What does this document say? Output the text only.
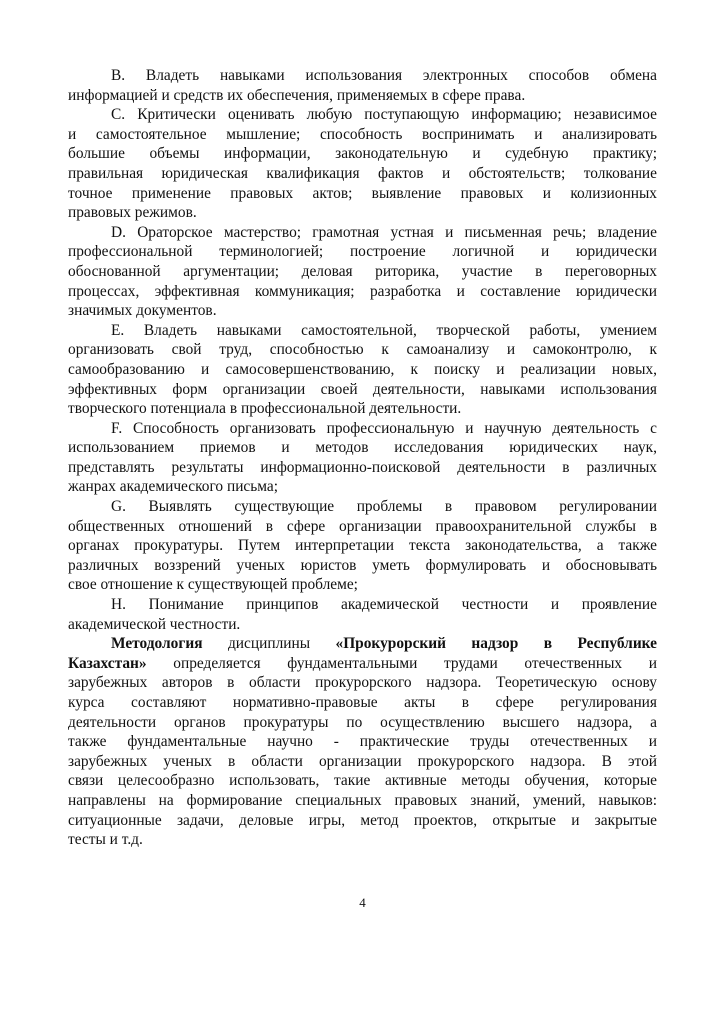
B. Владеть навыками использования электронных способов обмена
информацией и средств их обеспечения, применяемых в сфере права.

C. Критически оценивать любую поступающую информацию; независимое
и самостоятельное мышление; способность воспринимать и анализировать
большие объемы информации, законодательную и судебную практику;
правильная юридическая квалификация фактов и обстоятельств; толкование
точное применение правовых актов; выявление правовых и колизионных
правовых режимов.

D. Ораторское мастерство; грамотная устная и письменная речь; владение
профессиональной терминологией; построение логичной и юридически
обоснованной аргументации; деловая риторика, участие в переговорных
процессах, эффективная коммуникация; разработка и составление юридически
значимых документов.

E. Владеть навыками самостоятельной, творческой работы, умением
организовать свой труд, способностью к самоанализу и самоконтролю, к
самообразованию и самосовершенствованию, к поиску и реализации новых,
эффективных форм организации своей деятельности, навыками использования
творческого потенциала в профессиональной деятельности.

F. Способность организовать профессиональную и научную деятельность с
использованием приемов и методов исследования юридических наук,
представлять результаты информационно-поисковой деятельности в различных
жанрах академического письма;

G. Выявлять существующие проблемы в правовом регулировании
общественных отношений в сфере организации правоохранительной службы в
органах прокуратуры. Путем интерпретации текста законодательства, а также
различных воззрений ученых юристов уметь формулировать и обосновывать
свое отношение к существующей проблеме;

H. Понимание принципов академической честности и проявление
академической честности.

Методология дисциплины «Прокурорский надзор в Республике
Казахстан» определяется фундаментальными трудами отечественных и
зарубежных авторов в области прокурорского надзора. Теоретическую основу
курса составляют нормативно-правовые акты в сфере регулирования
деятельности органов прокуратуры по осуществлению высшего надзора, а
также фундаментальные научно - практические труды отечественных и
зарубежных ученых в области организации прокурорского надзора. В этой
связи целесообразно использовать, такие активные методы обучения, которые
направлены на формирование специальных правовых знаний, умений, навыков:
ситуационные задачи, деловые игры, метод проектов, открытые и закрытые
тесты и т.д.

4
